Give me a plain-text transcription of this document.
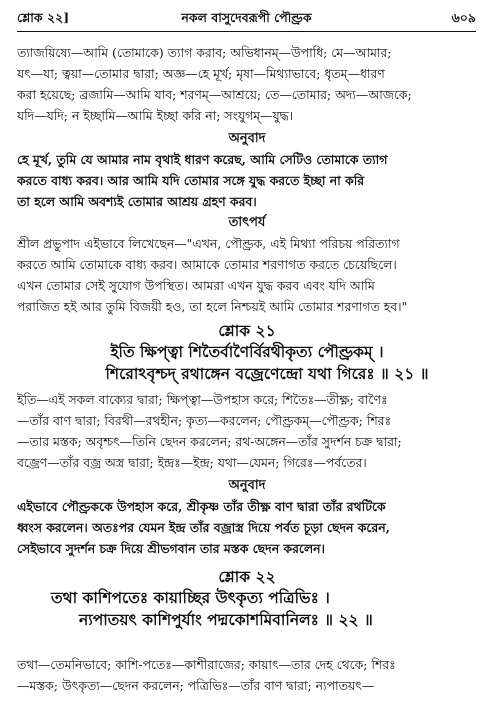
শ্লোক ২২]	নকল বাসুদেবরূপী পৌণ্ড্রক	৬০৯
ত্যাজয়িষ্যে—আমি (তোমাকে) ত্যাগ করাব; অভিধানম্—উপাধি; মে—আমার;
যৎ—যা; ত্বয়া—তোমার দ্বারা; অজ্ঞ—হে মূর্খ; মৃষা—মিথ্যাভাবে; ধৃতম্—ধারণ
করা হয়েছে; ব্রজামি—আমি যাব; শরণম্—আশ্রয়ে; তে—তোমার; অদ্য—আজকে;
যদি—যদি; ন ইচ্ছামি—আমি ইচ্ছা করি না; সংযুগম্—যুদ্ধ।
অনুবাদ
হে মূর্খ, তুমি যে আমার নাম বৃথাই ধারণ করেছ, আমি সেটিও তোমাকে ত্যাগ
করতে বাধ্য করব। আর আমি যদি তোমার সঙ্গে যুদ্ধ করতে ইচ্ছা না করি
তা হলে আমি অবশ্যই তোমার আশ্রয় গ্রহণ করব।
তাৎপর্য
শ্রীল প্রভুপাদ এইভাবে লিখেছেন—"এখন, পৌণ্ড্রক, এই মিথ্যা পরিচয় পরিত্যাগ
করতে আমি তোমাকে বাধ্য করব। আমাকে তোমার শরণাগত করতে চেয়েছিলে।
এখন তোমার সেই সুযোগ উপস্থিত। আমরা এখন যুদ্ধ করব এবং যদি আমি
পরাজিত হই আর তুমি বিজয়ী হও, তা হলে নিশ্চয়ই আমি তোমার শরণাগত হব।"
শ্লোক ২১
ইতি ক্ষিপ্ত্বা শিতৈর্বাণৈর্বিরথীকৃত্য পৌণ্ড্রকম্ ।
শিরোঽবৃশ্চদ্ রথাঙ্গেন বজ্রেণেন্দ্রো যথা গিরেঃ ॥ ২১ ॥
ইতি—এই সকল বাক্যের দ্বারা; ক্ষিপ্ত্বা—উপহাস করে; শিতৈঃ—তীক্ষ্ণ; বাণৈঃ
—তাঁর বাণ দ্বারা; বিরথী—রথহীন; কৃত্য—করলেন; পৌণ্ড্রকম্—পৌণ্ড্রক; শিরঃ
—তার মস্তক; অবৃশ্চৎ—তিনি ছেদন করলেন; রথ-অঙ্গেন—তাঁর সুদর্শন চক্র দ্বারা;
বজ্রেণ—তাঁর বজ্র অস্ত্র দ্বারা; ইন্দ্রঃ—ইন্দ্র; যথা—যেমন; গিরেঃ—পর্বতের।
অনুবাদ
এইভাবে পৌণ্ড্রককে উপহাস করে, শ্রীকৃষ্ণ তাঁর তীক্ষ্ণ বাণ দ্বারা তাঁর রথটিকে
ধ্বংস করলেন। অতঃপর যেমন ইন্দ্র তাঁর বজ্রাস্ত্র দিয়ে পর্বত চূড়া ছেদন করেন,
সেইভাবে সুদর্শন চক্র দিয়ে শ্রীভগবান তার মস্তক ছেদন করলেন।
শ্লোক ২২
তথা কাশিপতেঃ কায়াচ্ছির উৎকৃত্য পত্রিভিঃ ।
ন্যপাতয়ৎ কাশিপুর্যাং পদ্মকোশমিবানিলঃ ॥ ২২ ॥
তথা—তেমনিভাবে; কাশি-পতেঃ—কাশীরাজের; কায়াৎ—তার দেহ থেকে; শিরঃ
—মস্তক; উৎকৃত্য—ছেদন করলেন; পত্রিভিঃ—তাঁর বাণ দ্বারা; ন্যপাতয়ৎ—
